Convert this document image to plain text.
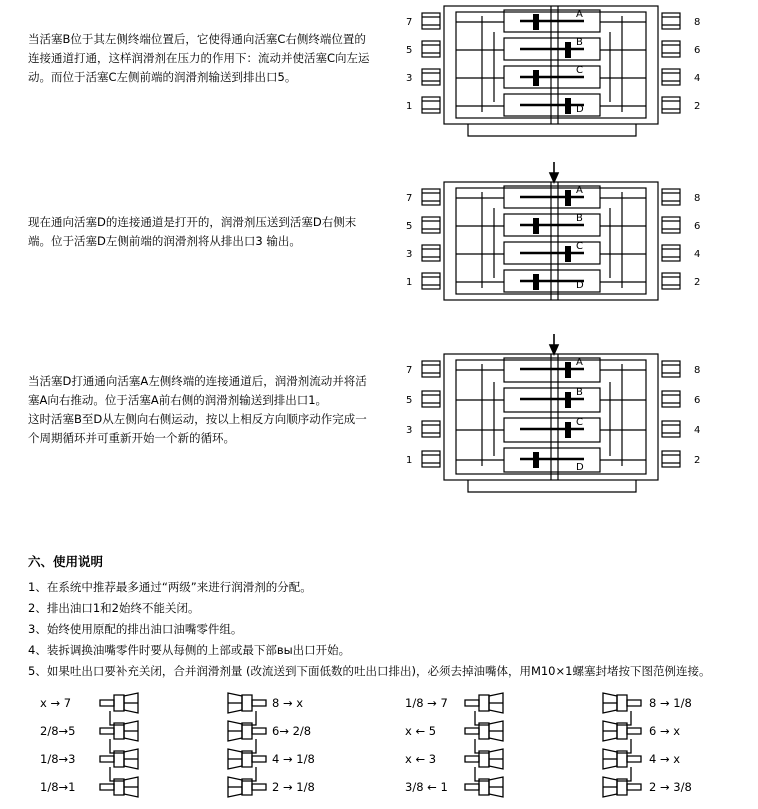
当活塞B位于其左侧终端位置后，它使得通向活塞C右侧终端位置的
连接通道打通，这样润滑剂在压力的作用下：流动并使活塞C向左运
动。而位于活塞C左侧前端的润滑剂输送到排出口5。
7
5
3
1
8
6
4
2
A
B
C
D
现在通向活塞D的连接通道是打开的，润滑剂压送到活塞D右侧末
端。位于活塞D左侧前端的润滑剂将从排出口3 输出。
7
5
3
1
8
6
4
2
A
B
C
D
当活塞D打通通向活塞A左侧终端的连接通道后，润滑剂流动并将活
塞A向右推动。位于活塞A前右侧的润滑剂输送到排出口1。
这时活塞B至D从左侧向右侧运动，按以上相反方向顺序动作完成一
个周期循环并可重新开始一个新的循环。
7
5
3
1
8
6
4
2
A
B
C
D
六、使用说明
1、在系统中推荐最多通过“两级”来进行润滑剂的分配。
2、排出油口1和2始终不能关闭。
3、始终使用原配的排出油口油嘴零件组。
4、装拆调换油嘴零件时要从每侧的上部或最下部вы出口开始。
5、如果吐出口要补充关闭，合并润滑剂量 (改流送到下面低数的吐出口排出)，必须去掉油嘴体，用M10×1螺塞封堵按下图范例连接。
x → 7
2/8→5
1/8→3
1/8→1
8 → x
6→ 2/8
4 → 1/8
2 → 1/8
1/8 → 7
x ← 5
x ← 3
3/8 ← 1
8 → 1/8
6 → x
4 → x
2 → 3/8
